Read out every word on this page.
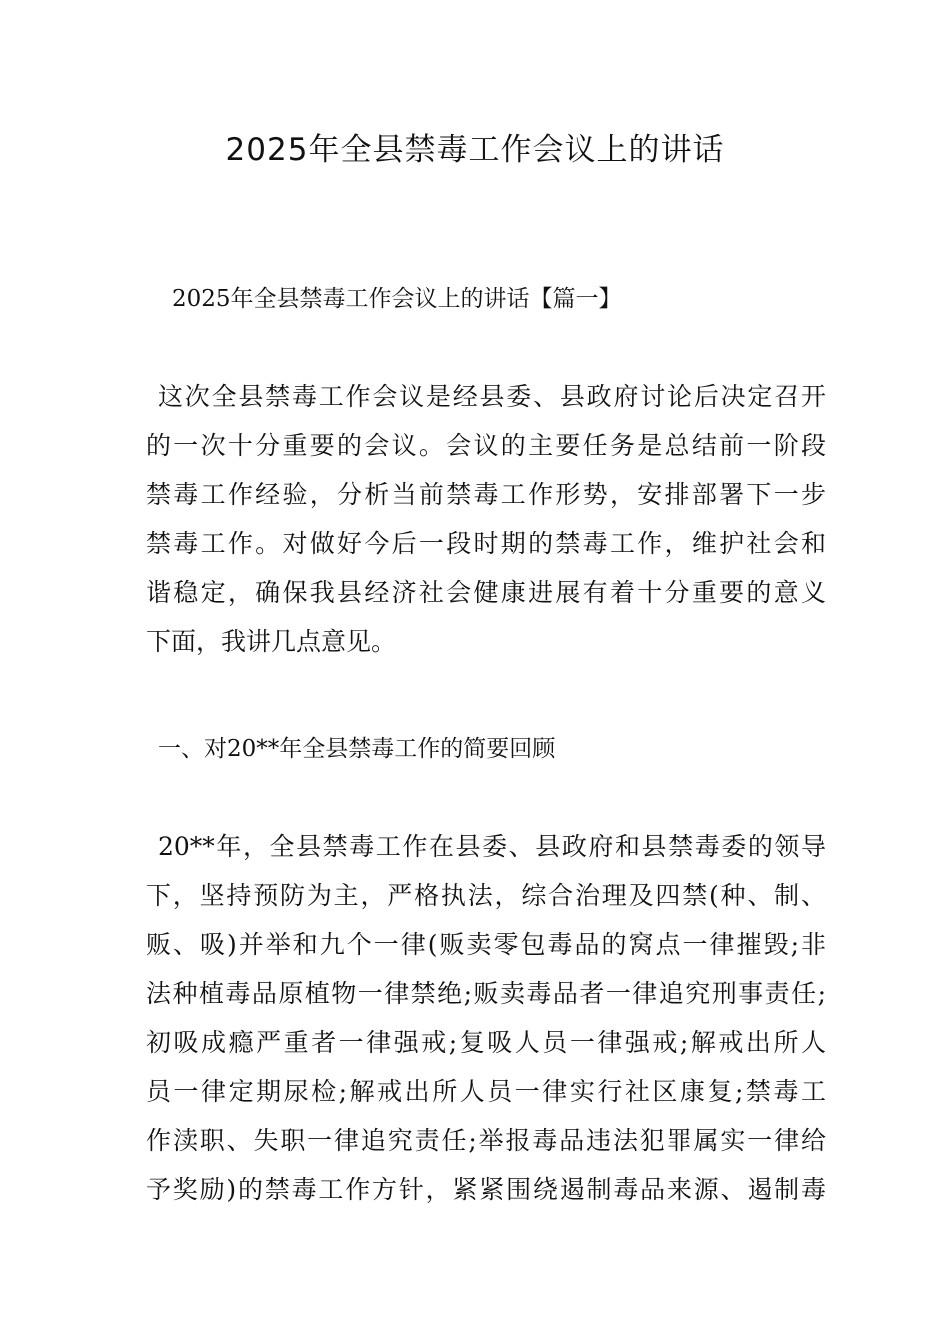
2025年全县禁毒工作会议上的讲话
2025年全县禁毒工作会议上的讲话【篇一】
这次全县禁毒工作会议是经县委、县政府讨论后决定召开
的一次十分重要的会议。会议的主要任务是总结前一阶段
禁毒工作经验，分析当前禁毒工作形势，安排部署下一步
禁毒工作。对做好今后一段时期的禁毒工作，维护社会和
谐稳定，确保我县经济社会健康进展有着十分重要的意义
下面，我讲几点意见。
一、对20**年全县禁毒工作的简要回顾
20**年，全县禁毒工作在县委、县政府和县禁毒委的领导
下，坚持预防为主，严格执法，综合治理及四禁(种、制、
贩、吸)并举和九个一律(贩卖零包毒品的窝点一律摧毁;非
法种植毒品原植物一律禁绝;贩卖毒品者一律追究刑事责任;
初吸成瘾严重者一律强戒;复吸人员一律强戒;解戒出所人
员一律定期尿检;解戒出所人员一律实行社区康复;禁毒工
作渎职、失职一律追究责任;举报毒品违法犯罪属实一律给
予奖励)的禁毒工作方针，紧紧围绕遏制毒品来源、遏制毒
